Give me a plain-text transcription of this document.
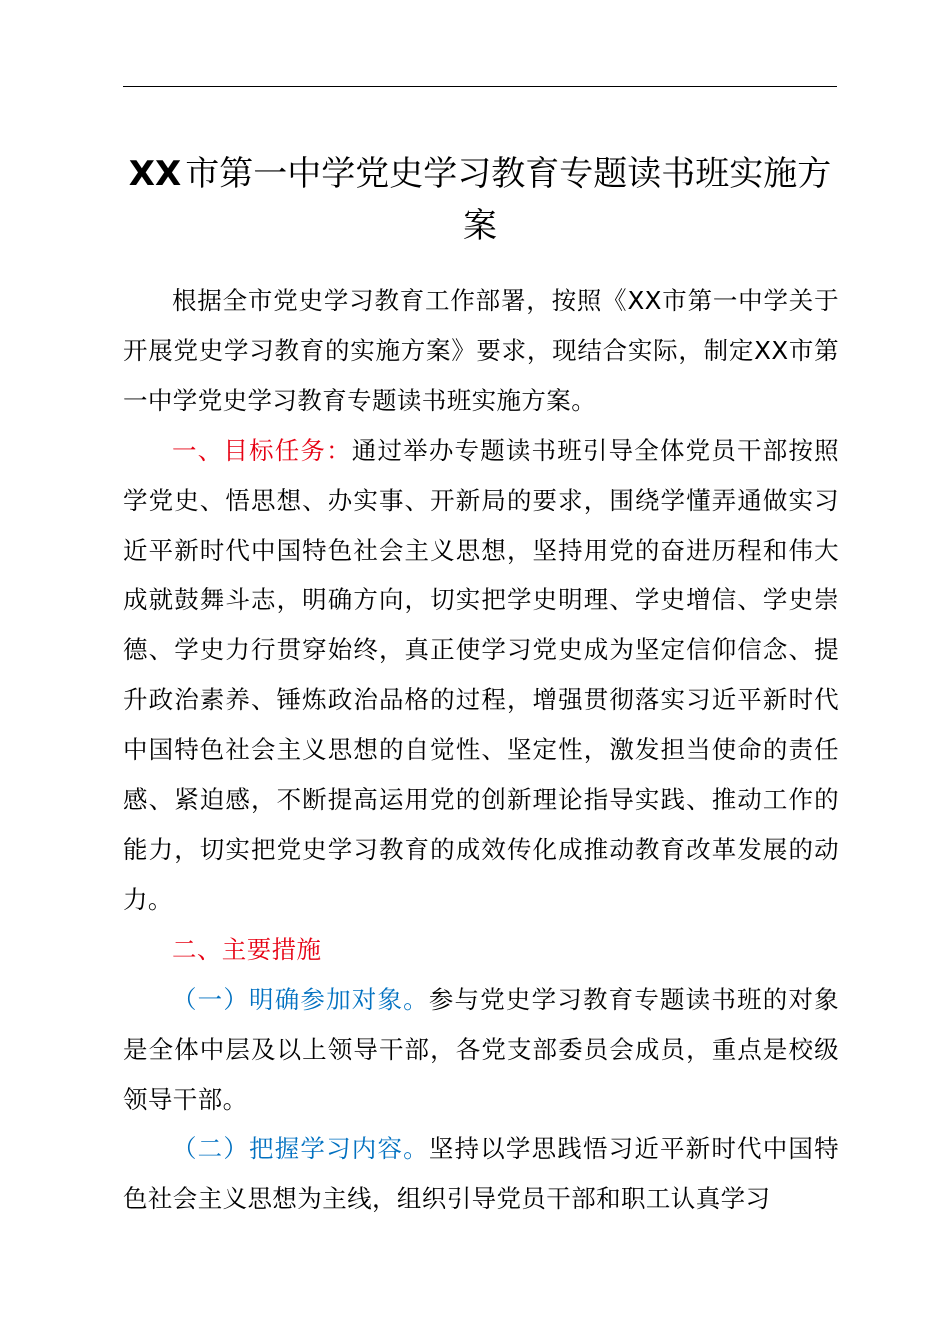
XX 市第一中学党史学习教育专题读书班实施方案

根据全市党史学习教育工作部署，按照《XX市第一中学关于开展党史学习教育的实施方案》要求，现结合实际，制定XX市第一中学党史学习教育专题读书班实施方案。

一、目标任务：通过举办专题读书班引导全体党员干部按照学党史、悟思想、办实事、开新局的要求，围绕学懂弄通做实习近平新时代中国特色社会主义思想，坚持用党的奋进历程和伟大成就鼓舞斗志，明确方向，切实把学史明理、学史增信、学史崇德、学史力行贯穿始终，真正使学习党史成为坚定信仰信念、提升政治素养、锤炼政治品格的过程，增强贯彻落实习近平新时代中国特色社会主义思想的自觉性、坚定性，激发担当使命的责任感、紧迫感，不断提高运用党的创新理论指导实践、推动工作的能力，切实把党史学习教育的成效传化成推动教育改革发展的动力。

二、主要措施

（一）明确参加对象。参与党史学习教育专题读书班的对象是全体中层及以上领导干部，各党支部委员会成员，重点是校级领导干部。

（二）把握学习内容。坚持以学思践悟习近平新时代中国特色社会主义思想为主线，组织引导党员干部和职工认真学习
